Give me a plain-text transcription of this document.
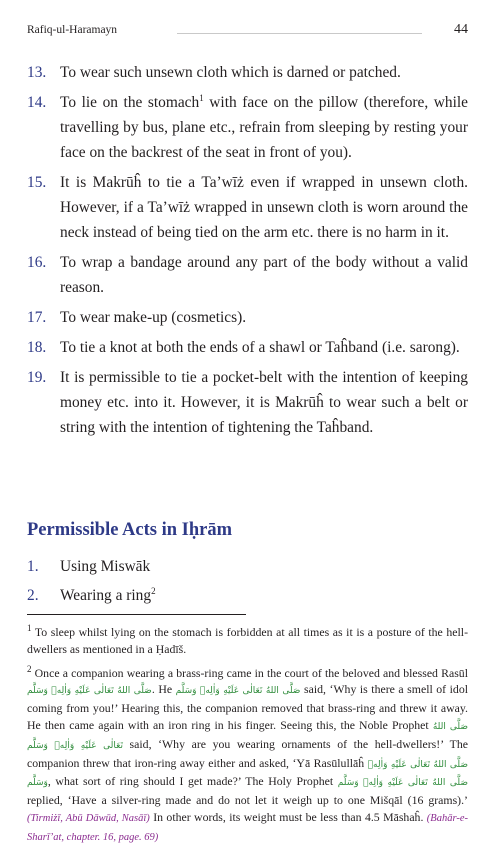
Rafiq-ul-Haramayn	44
13. To wear such unsewn cloth which is darned or patched.
14. To lie on the stomach$^1$ with face on the pillow (therefore, while travelling by bus, plane etc., refrain from sleeping by resting your face on the backrest of the seat in front of you).
15. It is Makrūĥ to tie a Ta’wīż even if wrapped in unsewn cloth. However, if a Ta’wīż wrapped in unsewn cloth is worn around the neck instead of being tied on the arm etc. there is no harm in it.
16. To wrap a bandage around any part of the body without a valid reason.
17. To wear make-up (cosmetics).
18. To tie a knot at both the ends of a shawl or Taĥband (i.e. sarong).
19. It is permissible to tie a pocket-belt with the intention of keeping money etc. into it. However, it is Makrūĥ to wear such a belt or string with the intention of tightening the Taĥband.
Permissible Acts in Iḥrām
1. Using Miswāk
2. Wearing a ring$^2$

$^1$ To sleep whilst lying on the stomach is forbidden at all times as it is a posture of the hell-dwellers as mentioned in a Ḥadīš.

$^2$ Once a companion wearing a brass-ring came in the court of the beloved and blessed Rasūl صَلَّى اللهُ تَعَالٰى عَلَيْهِ وَاٰلِهٖ وَسَلَّم. He صَلَّى اللهُ تَعَالٰى عَلَيْهِ وَاٰلِهٖ وَسَلَّم said, ‘Why is there a smell of idol coming from you!’ Hearing this, the companion removed that brass-ring and threw it away. He then came again with an iron ring in his finger. Seeing this, the Noble Prophet صَلَّى اللهُ تَعَالٰى عَلَيْهِ وَاٰلِهٖ وَسَلَّم said, ‘Why are you wearing ornaments of the hell-dwellers!’ The companion threw that iron-ring away either and asked, ‘Yā Rasūlullāĥ صَلَّى اللهُ تَعَالٰى عَلَيْهِ وَاٰلِهٖ وَسَلَّم, what sort of ring should I get made?’ The Holy Prophet صَلَّى اللهُ تَعَالٰى عَلَيْهِ وَاٰلِهٖ وَسَلَّم replied, ‘Have a silver-ring made and do not let it weigh up to one Mišqāl (16 grams).’ (Tirmiżī, Abū Dāwūd, Nasāī) In other words, its weight must be less than 4.5 Māshaĥ. (Bahār-e-Sharī’at, chapter. 16, page. 69)
